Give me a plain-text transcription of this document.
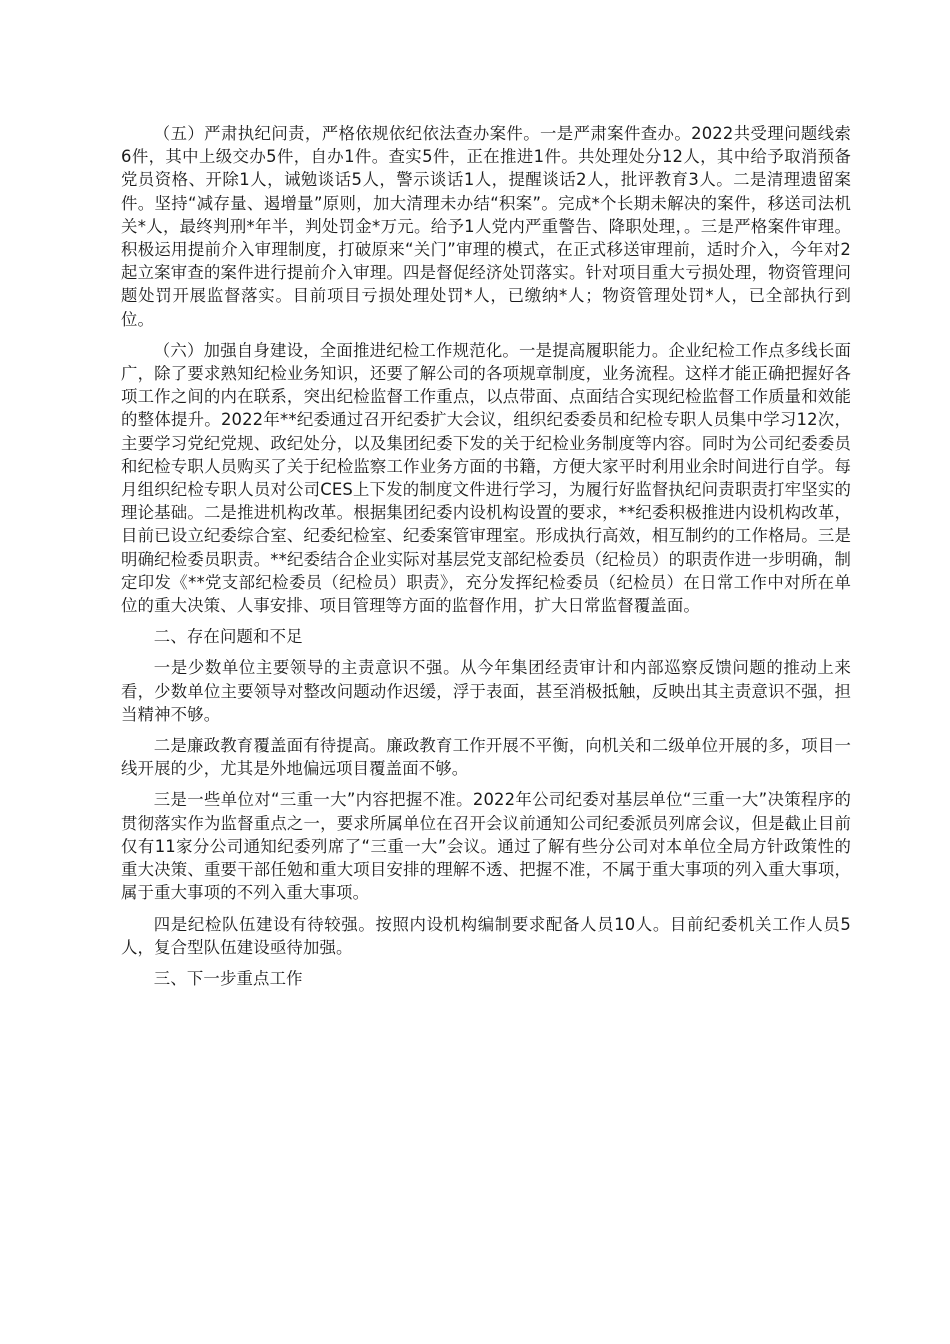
（五）严肃执纪问责，严格依规依纪依法查办案件。一是严肃案件查办。2022共受理问题线索6件，其中上级交办5件，自办1件。查实5件，正在推进1件。共处理处分12人，其中给予取消预备党员资格、开除1人，诫勉谈话5人，警示谈话1人，提醒谈话2人，批评教育3人。二是清理遗留案件。坚持“减存量、遏增量”原则，加大清理未办结“积案”。完成*个长期未解决的案件，移送司法机关*人，最终判刑*年半，判处罚金*万元。给予1人党内严重警告、降职处理，。三是严格案件审理。积极运用提前介入审理制度，打破原来“关门”审理的模式，在正式移送审理前，适时介入，今年对2起立案审查的案件进行提前介入审理。四是督促经济处罚落实。针对项目重大亏损处理，物资管理问题处罚开展监督落实。目前项目亏损处理处罚*人，已缴纳*人；物资管理处罚*人，已全部执行到位。

（六）加强自身建设，全面推进纪检工作规范化。一是提高履职能力。企业纪检工作点多线长面广，除了要求熟知纪检业务知识，还要了解公司的各项规章制度，业务流程。这样才能正确把握好各项工作之间的内在联系，突出纪检监督工作重点，以点带面、点面结合实现纪检监督工作质量和效能的整体提升。2022年**纪委通过召开纪委扩大会议，组织纪委委员和纪检专职人员集中学习12次，主要学习党纪党规、政纪处分，以及集团纪委下发的关于纪检业务制度等内容。同时为公司纪委委员和纪检专职人员购买了关于纪检监察工作业务方面的书籍，方便大家平时利用业余时间进行自学。每月组织纪检专职人员对公司CES上下发的制度文件进行学习，为履行好监督执纪问责职责打牢坚实的理论基础。二是推进机构改革。根据集团纪委内设机构设置的要求，**纪委积极推进内设机构改革，目前已设立纪委综合室、纪委纪检室、纪委案管审理室。形成执行高效，相互制约的工作格局。三是明确纪检委员职责。**纪委结合企业实际对基层党支部纪检委员（纪检员）的职责作进一步明确，制定印发《**党支部纪检委员（纪检员）职责》，充分发挥纪检委员（纪检员）在日常工作中对所在单位的重大决策、人事安排、项目管理等方面的监督作用，扩大日常监督覆盖面。

二、存在问题和不足

一是少数单位主要领导的主责意识不强。从今年集团经责审计和内部巡察反馈问题的推动上来看，少数单位主要领导对整改问题动作迟缓，浮于表面，甚至消极抵触，反映出其主责意识不强，担当精神不够。

二是廉政教育覆盖面有待提高。廉政教育工作开展不平衡，向机关和二级单位开展的多，项目一线开展的少，尤其是外地偏远项目覆盖面不够。

三是一些单位对“三重一大”内容把握不准。2022年公司纪委对基层单位“三重一大”决策程序的贯彻落实作为监督重点之一，要求所属单位在召开会议前通知公司纪委派员列席会议，但是截止目前仅有11家分公司通知纪委列席了“三重一大”会议。通过了解有些分公司对本单位全局方针政策性的重大决策、重要干部任勉和重大项目安排的理解不透、把握不准，不属于重大事项的列入重大事项，属于重大事项的不列入重大事项。

四是纪检队伍建设有待较强。按照内设机构编制要求配备人员10人。目前纪委机关工作人员5人，复合型队伍建设亟待加强。

三、下一步重点工作
